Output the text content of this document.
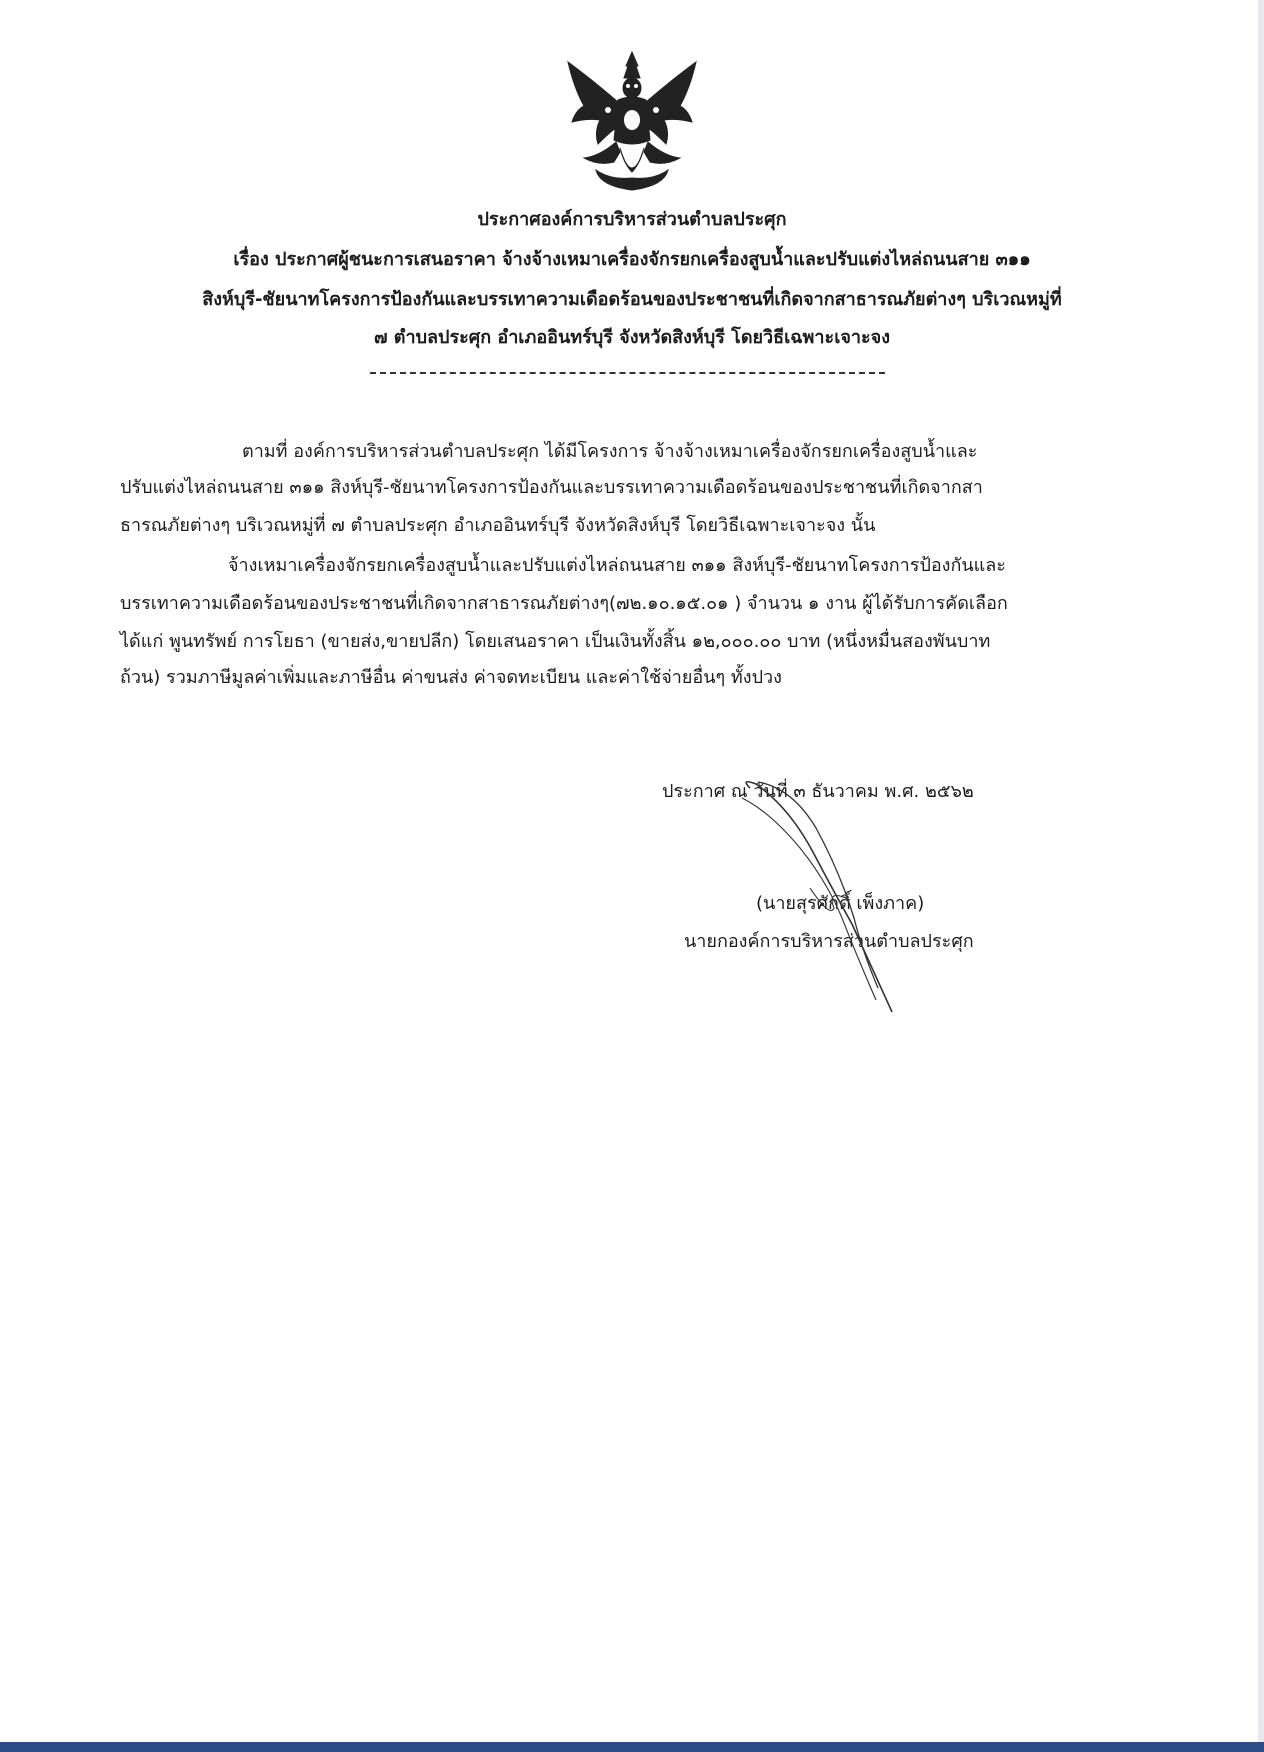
ประกาศองค์การบริหารส่วนตำบลประศุก
เรื่อง ประกาศผู้ชนะการเสนอราคา จ้างจ้างเหมาเครื่องจักรยกเครื่องสูบน้ำและปรับแต่งไหล่ถนนสาย ๓๑๑
สิงห์บุรี-ชัยนาทโครงการป้องกันและบรรเทาความเดือดร้อนของประชาชนที่เกิดจากสาธารณภัยต่างๆ บริเวณหมู่ที่
๗ ตำบลประศุก อำเภออินทร์บุรี จังหวัดสิงห์บุรี โดยวิธีเฉพาะเจาะจง
ตามที่ องค์การบริหารส่วนตำบลประศุก ได้มีโครงการ จ้างจ้างเหมาเครื่องจักรยกเครื่องสูบน้ำและ
ปรับแต่งไหล่ถนนสาย ๓๑๑ สิงห์บุรี-ชัยนาทโครงการป้องกันและบรรเทาความเดือดร้อนของประชาชนที่เกิดจากสา
ธารณภัยต่างๆ บริเวณหมู่ที่ ๗ ตำบลประศุก อำเภออินทร์บุรี จังหวัดสิงห์บุรี โดยวิธีเฉพาะเจาะจง นั้น
จ้างเหมาเครื่องจักรยกเครื่องสูบน้ำและปรับแต่งไหล่ถนนสาย ๓๑๑ สิงห์บุรี-ชัยนาทโครงการป้องกันและ
บรรเทาความเดือดร้อนของประชาชนที่เกิดจากสาธารณภัยต่างๆ(๗๒.๑๐.๑๕.๐๑ ) จำนวน ๑ งาน ผู้ได้รับการคัดเลือก
ได้แก่ พูนทรัพย์ การโยธา (ขายส่ง,ขายปลีก) โดยเสนอราคา เป็นเงินทั้งสิ้น ๑๒,๐๐๐.๐๐ บาท (หนึ่งหมื่นสองพันบาท
ถ้วน) รวมภาษีมูลค่าเพิ่มและภาษีอื่น ค่าขนส่ง ค่าจดทะเบียน และค่าใช้จ่ายอื่นๆ ทั้งปวง
ประกาศ ณ วันที่ ๓ ธันวาคม พ.ศ. ๒๕๖๒
(นายสุรศักดิ์ เพ็งภาค)
นายกองค์การบริหารส่วนตำบลประศุก
